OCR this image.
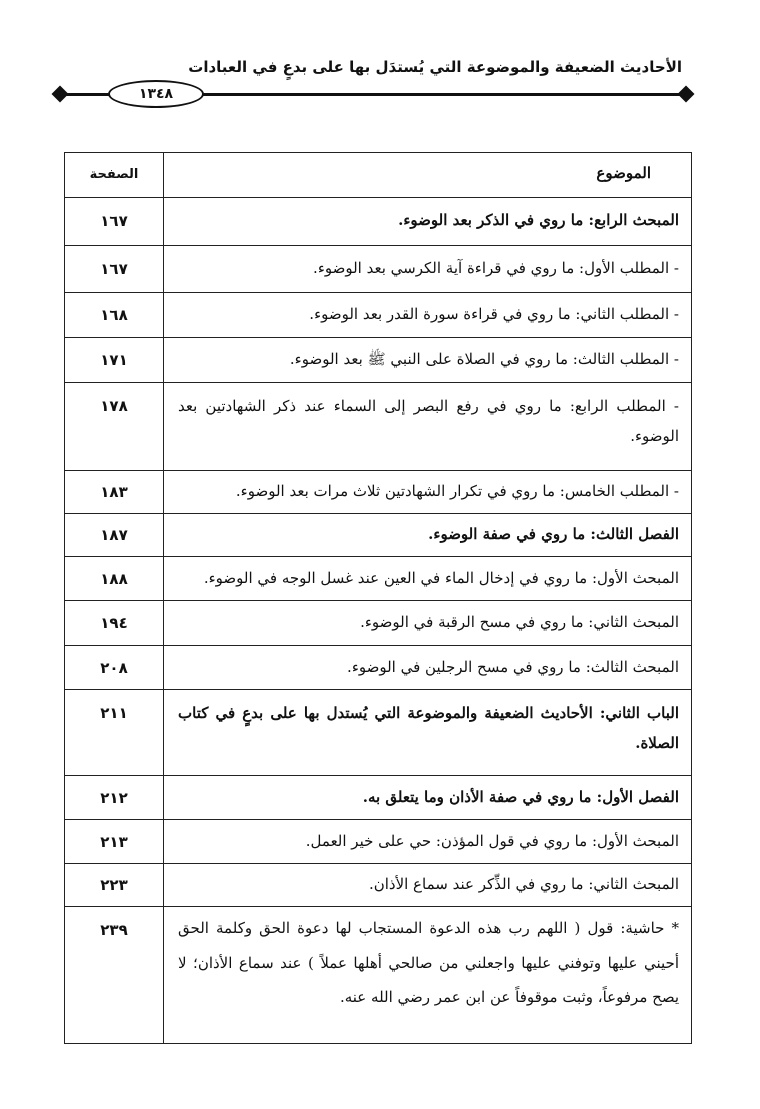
الأحاديث الضعيفة والموضوعة التي يُستدَل بها على بدعٍ في العبادات
١٣٤٨
الموضوع
الصفحة
المبحث الرابع: ما روي في الذكر بعد الوضوء.
١٦٧
- المطلب الأول: ما روي في قراءة آية الكرسي بعد الوضوء.
١٦٧
- المطلب الثاني: ما روي في قراءة سورة القدر بعد الوضوء.
١٦٨
- المطلب الثالث: ما روي في الصلاة على النبي ﷺ بعد الوضوء.
١٧١
- المطلب الرابع: ما روي في رفع البصر إلى السماء عند ذكر الشهادتين بعد الوضوء.
١٧٨
- المطلب الخامس: ما روي في تكرار الشهادتين ثلاث مرات بعد الوضوء.
١٨٣
الفصل الثالث: ما روي في صفة الوضوء.
١٨٧
المبحث الأول: ما روي في إدخال الماء في العين عند غسل الوجه في الوضوء.
١٨٨
المبحث الثاني: ما روي في مسح الرقبة في الوضوء.
١٩٤
المبحث الثالث: ما روي في مسح الرجلين في الوضوء.
٢٠٨
الباب الثاني: الأحاديث الضعيفة والموضوعة التي يُستدل بها على بدعٍ في كتاب الصلاة.
٢١١
الفصل الأول: ما روي في صفة الأذان وما يتعلق به.
٢١٢
المبحث الأول: ما روي في قول المؤذن: حي على خير العمل.
٢١٣
المبحث الثاني: ما روي في الذِّكر عند سماع الأذان.
٢٢٣
* حاشية: قول ( اللهم رب هذه الدعوة المستجاب لها دعوة الحق وكلمة الحق أحيني عليها وتوفني عليها واجعلني من صالحي أهلها عملاً ) عند سماع الأذان؛ لا يصح مرفوعاً، وثبت موقوفاً عن ابن عمر رضي الله عنه.
٢٣٩
